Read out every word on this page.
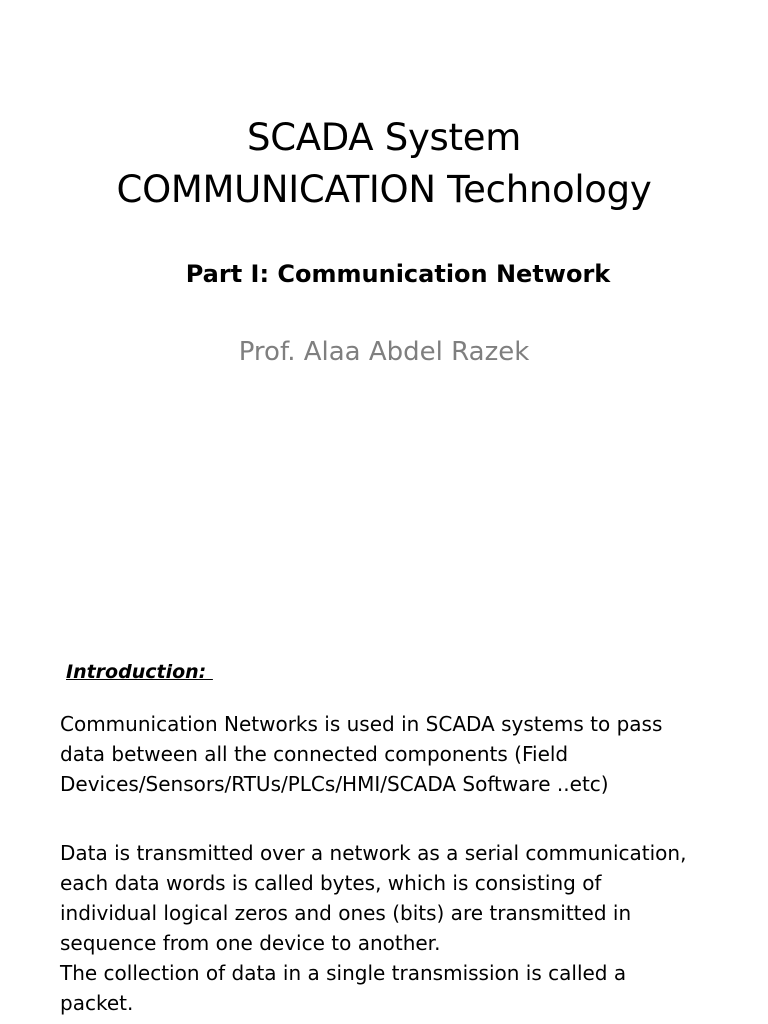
SCADA System
COMMUNICATION Technology
Part I: Communication Network
Prof. Alaa Abdel Razek
Introduction:
Communication Networks is used in SCADA systems to pass
data between all the connected components (Field
Devices/Sensors/RTUs/PLCs/HMI/SCADA Software ..etc)
Data is transmitted over a network as a serial communication,
each data words is called bytes, which is consisting of
individual logical zeros and ones (bits) are transmitted in
sequence from one device to another.
The collection of data in a single transmission is called a
packet.
